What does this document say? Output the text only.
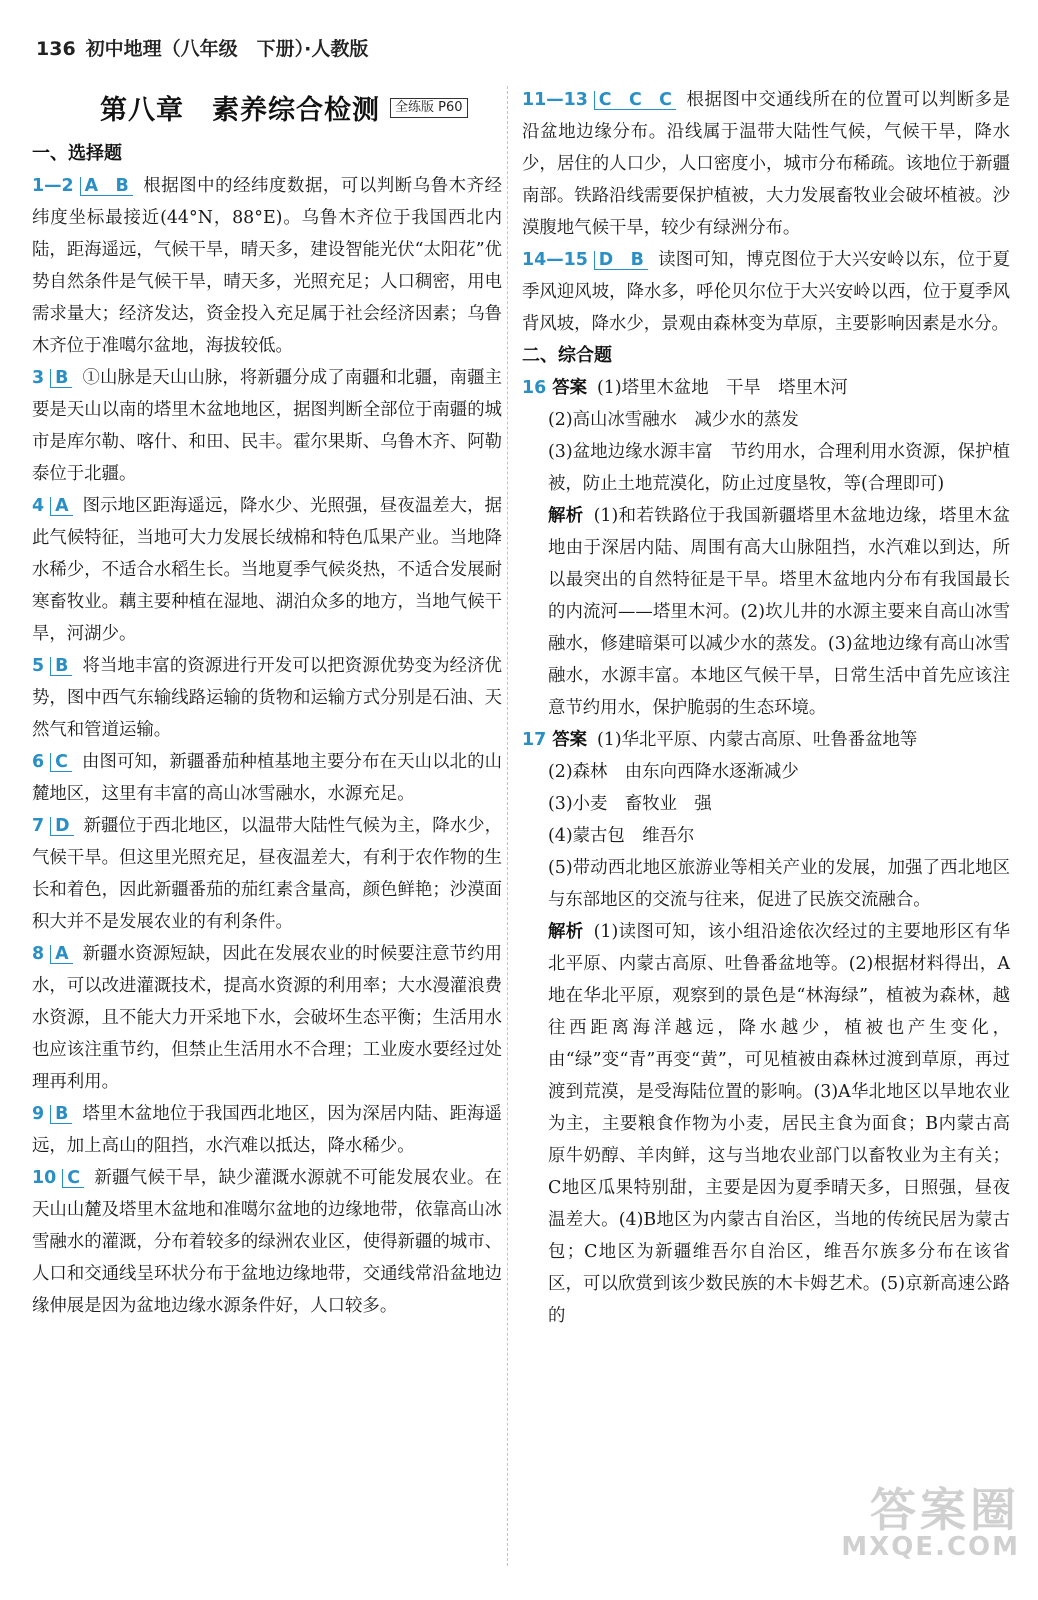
136 初中地理（八年级　下册）·人教版
第八章　素养综合检测	全练版 P60
一、选择题
1—2 A　B 根据图中的经纬度数据，可以判断乌鲁木齐经纬度坐标最接近(44°N，88°E)。乌鲁木齐位于我国西北内陆，距海遥远，气候干旱，晴天多，建设智能光伏“太阳花”优势自然条件是气候干旱，晴天多，光照充足；人口稠密，用电需求量大；经济发达，资金投入充足属于社会经济因素；乌鲁木齐位于准噶尔盆地，海拔较低。
3 B ①山脉是天山山脉，将新疆分成了南疆和北疆，南疆主要是天山以南的塔里木盆地地区，据图判断全部位于南疆的城市是库尔勒、喀什、和田、民丰。霍尔果斯、乌鲁木齐、阿勒泰位于北疆。
4 A 图示地区距海遥远，降水少、光照强，昼夜温差大，据此气候特征，当地可大力发展长绒棉和特色瓜果产业。当地降水稀少，不适合水稻生长。当地夏季气候炎热，不适合发展耐寒畜牧业。藕主要种植在湿地、湖泊众多的地方，当地气候干旱，河湖少。
5 B 将当地丰富的资源进行开发可以把资源优势变为经济优势，图中西气东输线路运输的货物和运输方式分别是石油、天然气和管道运输。
6 C 由图可知，新疆番茄种植基地主要分布在天山以北的山麓地区，这里有丰富的高山冰雪融水，水源充足。
7 D 新疆位于西北地区，以温带大陆性气候为主，降水少，气候干旱。但这里光照充足，昼夜温差大，有利于农作物的生长和着色，因此新疆番茄的茄红素含量高，颜色鲜艳；沙漠面积大并不是发展农业的有利条件。
8 A 新疆水资源短缺，因此在发展农业的时候要注意节约用水，可以改进灌溉技术，提高水资源的利用率；大水漫灌浪费水资源，且不能大力开采地下水，会破坏生态平衡；生活用水也应该注重节约，但禁止生活用水不合理；工业废水要经过处理再利用。
9 B 塔里木盆地位于我国西北地区，因为深居内陆、距海遥远，加上高山的阻挡，水汽难以抵达，降水稀少。
10 C 新疆气候干旱，缺少灌溉水源就不可能发展农业。在天山山麓及塔里木盆地和准噶尔盆地的边缘地带，依靠高山冰雪融水的灌溉，分布着较多的绿洲农业区，使得新疆的城市、人口和交通线呈环状分布于盆地边缘地带，交通线常沿盆地边缘伸展是因为盆地边缘水源条件好，人口较多。
11—13 C　C　C 根据图中交通线所在的位置可以判断多是沿盆地边缘分布。沿线属于温带大陆性气候，气候干旱，降水少，居住的人口少，人口密度小，城市分布稀疏。该地位于新疆南部。铁路沿线需要保护植被，大力发展畜牧业会破坏植被。沙漠腹地气候干旱，较少有绿洲分布。
14—15 D　B 读图可知，博克图位于大兴安岭以东，位于夏季风迎风坡，降水多，呼伦贝尔位于大兴安岭以西，位于夏季风背风坡，降水少，景观由森林变为草原，主要影响因素是水分。
二、综合题
16 答案 (1)塔里木盆地　干旱　塔里木河
(2)高山冰雪融水　减少水的蒸发
(3)盆地边缘水源丰富　节约用水，合理利用水资源，保护植被，防止土地荒漠化，防止过度垦牧，等(合理即可)
解析 (1)和若铁路位于我国新疆塔里木盆地边缘，塔里木盆地由于深居内陆、周围有高大山脉阻挡，水汽难以到达，所以最突出的自然特征是干旱。塔里木盆地内分布有我国最长的内流河——塔里木河。(2)坎儿井的水源主要来自高山冰雪融水，修建暗渠可以减少水的蒸发。(3)盆地边缘有高山冰雪融水，水源丰富。本地区气候干旱，日常生活中首先应该注意节约用水，保护脆弱的生态环境。
17 答案 (1)华北平原、内蒙古高原、吐鲁番盆地等
(2)森林　由东向西降水逐渐减少
(3)小麦　畜牧业　强
(4)蒙古包　维吾尔
(5)带动西北地区旅游业等相关产业的发展，加强了西北地区与东部地区的交流与往来，促进了民族交流融合。
解析 (1)读图可知，该小组沿途依次经过的主要地形区有华北平原、内蒙古高原、吐鲁番盆地等。(2)根据材料得出，A地在华北平原，观察到的景色是“林海绿”，植被为森林，越往西距离海洋越远，降水越少，植被也产生变化，由“绿”变“青”再变“黄”，可见植被由森林过渡到草原，再过渡到荒漠，是受海陆位置的影响。(3)A华北地区以旱地农业为主，主要粮食作物为小麦，居民主食为面食；B内蒙古高原牛奶醇、羊肉鲜，这与当地农业部门以畜牧业为主有关；C地区瓜果特别甜，主要是因为夏季晴天多，日照强，昼夜温差大。(4)B地区为内蒙古自治区，当地的传统民居为蒙古包；C地区为新疆维吾尔自治区，维吾尔族多分布在该省区，可以欣赏到该少数民族的木卡姆艺术。(5)京新高速公路的
答案圈
MXQE.COM
